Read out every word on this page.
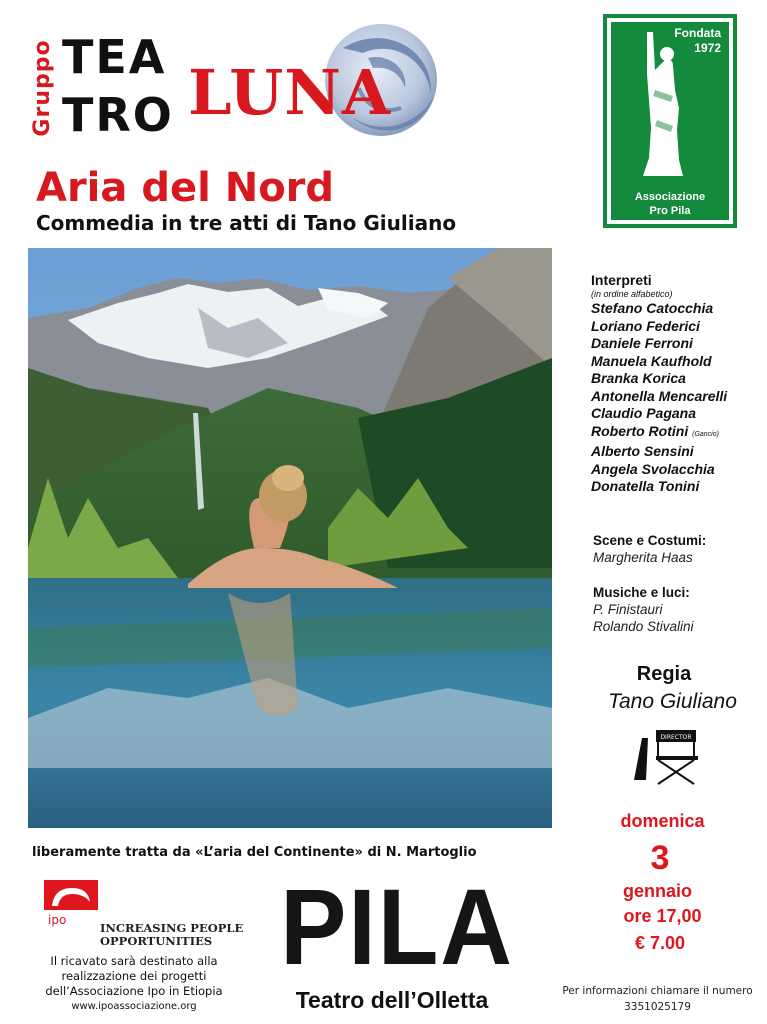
Gruppo TEA
TRO LUNA
Aria del Nord
Commedia in tre atti di Tano Giuliano
Fondata
1972
Associazione
Pro Pila
Interpreti
(in ordine alfabetico)
Stefano Catocchia
Loriano Federici
Daniele Ferroni
Manuela Kaufhold
Branka Korica
Antonella Mencarelli
Claudio Pagana
Roberto Rotini (Gancio)
Alberto Sensini
Angela Svolacchia
Donatella Tonini
Scene e Costumi:
Margherita Haas
Musiche e luci:
P. Finistauri
Rolando Stivalini
Regia
Tano Giuliano
DIRECTOR
domenica
3
gennaio
ore 17,00
€ 7.00
liberamente tratta da «L’aria del Continente» di N. Martoglio
ipo
INCREASING PEOPLE
OPPORTUNITIES
Il ricavato sarà destinato alla realizzazione dei progetti dell’Associazione Ipo in Etiopia
www.ipoassociazione.org
PILA
Teatro dell’Olletta	Per informazioni chiamare il numero
3351025179
